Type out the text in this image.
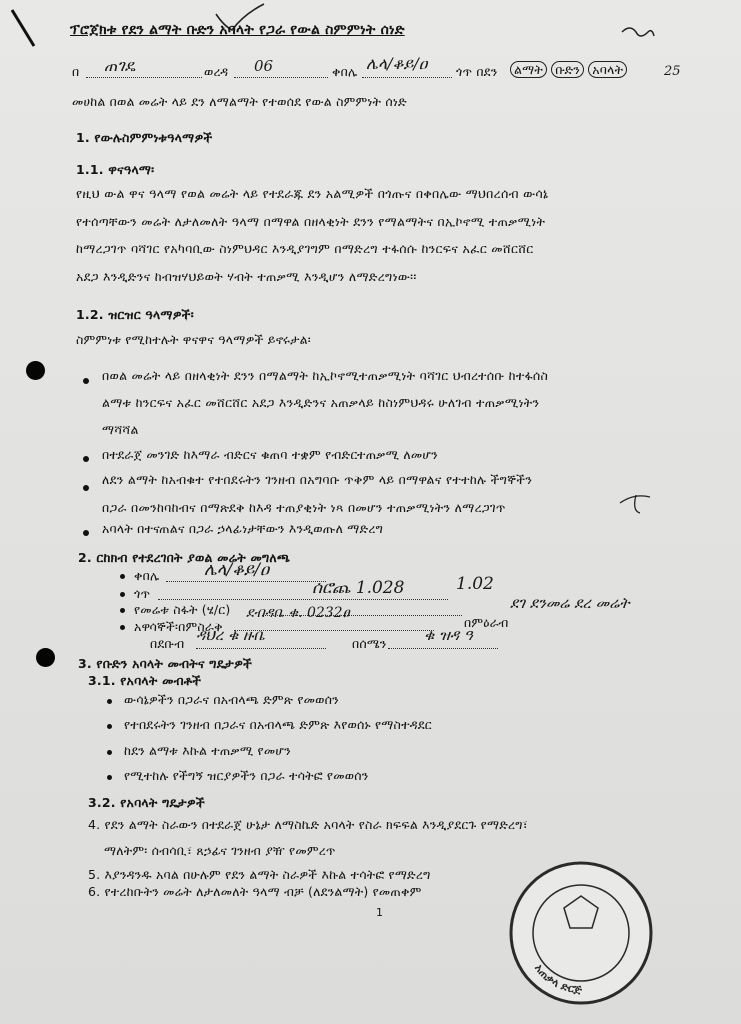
ፕሮጀክቱ የደን ልማት ቡድን አባላት የጋራ የውል ስምምነት ሰነድ
በ ጠገዴ	ወረዳ 06	ቀበሌ ሌላ/ቆይ/ዐ ጎጥ በደን	ልማት ቡድን አባላት	25
መሀከል በወል መሬት ላይ ደን ለማልማት የተወሰደ የውል ስምምነት ሰነድ
1. የውሉስምምነቱዓላማዎች
1.1. ዋናዓላማ፡
የዚህ ውል ዋና ዓላማ የወል መሬት ላይ የተደራጁ ደን አልሚዎች በጎጡና በቀበሌው ማህበረሰብ ውሳኔ
የተሰጣቸውን መሬት ለታለመለት ዓላማ በማዋል በዘላቂነት ደንን የማልማትና በኢኮኖሚ ተጠቃሚነት
ከማረጋገጥ ባሻገር የአካባቢው ስነምህዳር እንዲያገግም በማድረግ ተፋሰሱ ከንርፍና አፈር መሸርሸር
አደጋ እንዲድንና ከብዝሃህይወት ሃብት ተጠቃሚ እንዲሆን ለማድረግነው፡፡
1.2. ዝርዝር ዓላማዎች፡
ስምምነቱ የሚከተሉት ዋናዋና ዓላማዎች ይኖሩታል፡
በወል መሬት ላይ በዘላቂነት ደንን በማልማት ከኢኮኖሚተጠቃሚነት ባሻገር ህብረተሰቡ ከተፋሰስ
ልማቱ ከንርፍና አፈር መሸርሸር አደጋ እንዲድንና አጠቃላይ ከስነምህዳሩ ሁለገብ ተጠቃሚነትን
ማሻሻል
በተደራጀ መንገድ ከእማራ ብድርና ቁጠባ ተቋም የብድርተጠቃሚ ለመሆን
ለደን ልማት ከአብቁተ የተበደሩትን ገንዘብ በአግባቡ ጥቅም ላይ በማዋልና የተተከሉ ችግኞችን
በጋራ በመንከባከብና በማጽደቅ ከእዳ ተጠያቂነት ነጻ በመሆን ተጠቃሚነትን ለማረጋገጥ
አባላት በተናጠልና በጋራ ኃላፊነታቸውን እንዲወጡለ ማድረግ
2. ርከክብ የተደረገበት ያወል መሬት መግለጫ
ቀበሌ	ሌላ/ቆይ/ዐ
ጎጥ	ሰሮጨ 1.028	1.02
የመሬቱ ስፋት (ሄ/ር)
አዋሳኞች፡በምስራቅ
ደብዳቤ ቁ. 0232ፀ
በምዕራብ
ደገ ደንመሬ ደረ መሬት
በደቡብ ዳህረ ቁ ዙቤ	በሰሜን ቁ ዝዳ ዓ
3. የቡድን አባላት መብትና ግዴታዎች
3.1. የአባላት መብቶች
ውሳኔዎችን በጋራና በአብላጫ ድምጽ የመወሰን
የተበደሩትን ገንዘብ በጋራና በአብላጫ ድምጽ እየወሰኑ የማስተዳደር
ከደን ልማቱ እኩል ተጠቃሚ የመሆን
የሚተከሉ የችግኝ ዝርያዎችን በጋራ ተሳትፎ የመወሰን
3.2. የአባላት ግዴታዎች
4. የደን ልማት ስራውን በተደራጀ ሁኔታ ለማስኬድ አባላት የስራ ክፍፍል እንዲያደርጉ የማድረግ፣
ማለትም፡ ሰብሳቢ፣ ጸኃፊና ገንዘብ ያዥ የመምረጥ
5. እያንዳንዱ አባል በሁሉም የደን ልማት ስራዎች እኩል ተሳትፎ የማድረግ
6. የተረከቡትን መሬት ለታለመለት ዓላማ ብቻ (ለደንልማት) የመጠቀም
1
አጠቃላ ድርጅ
